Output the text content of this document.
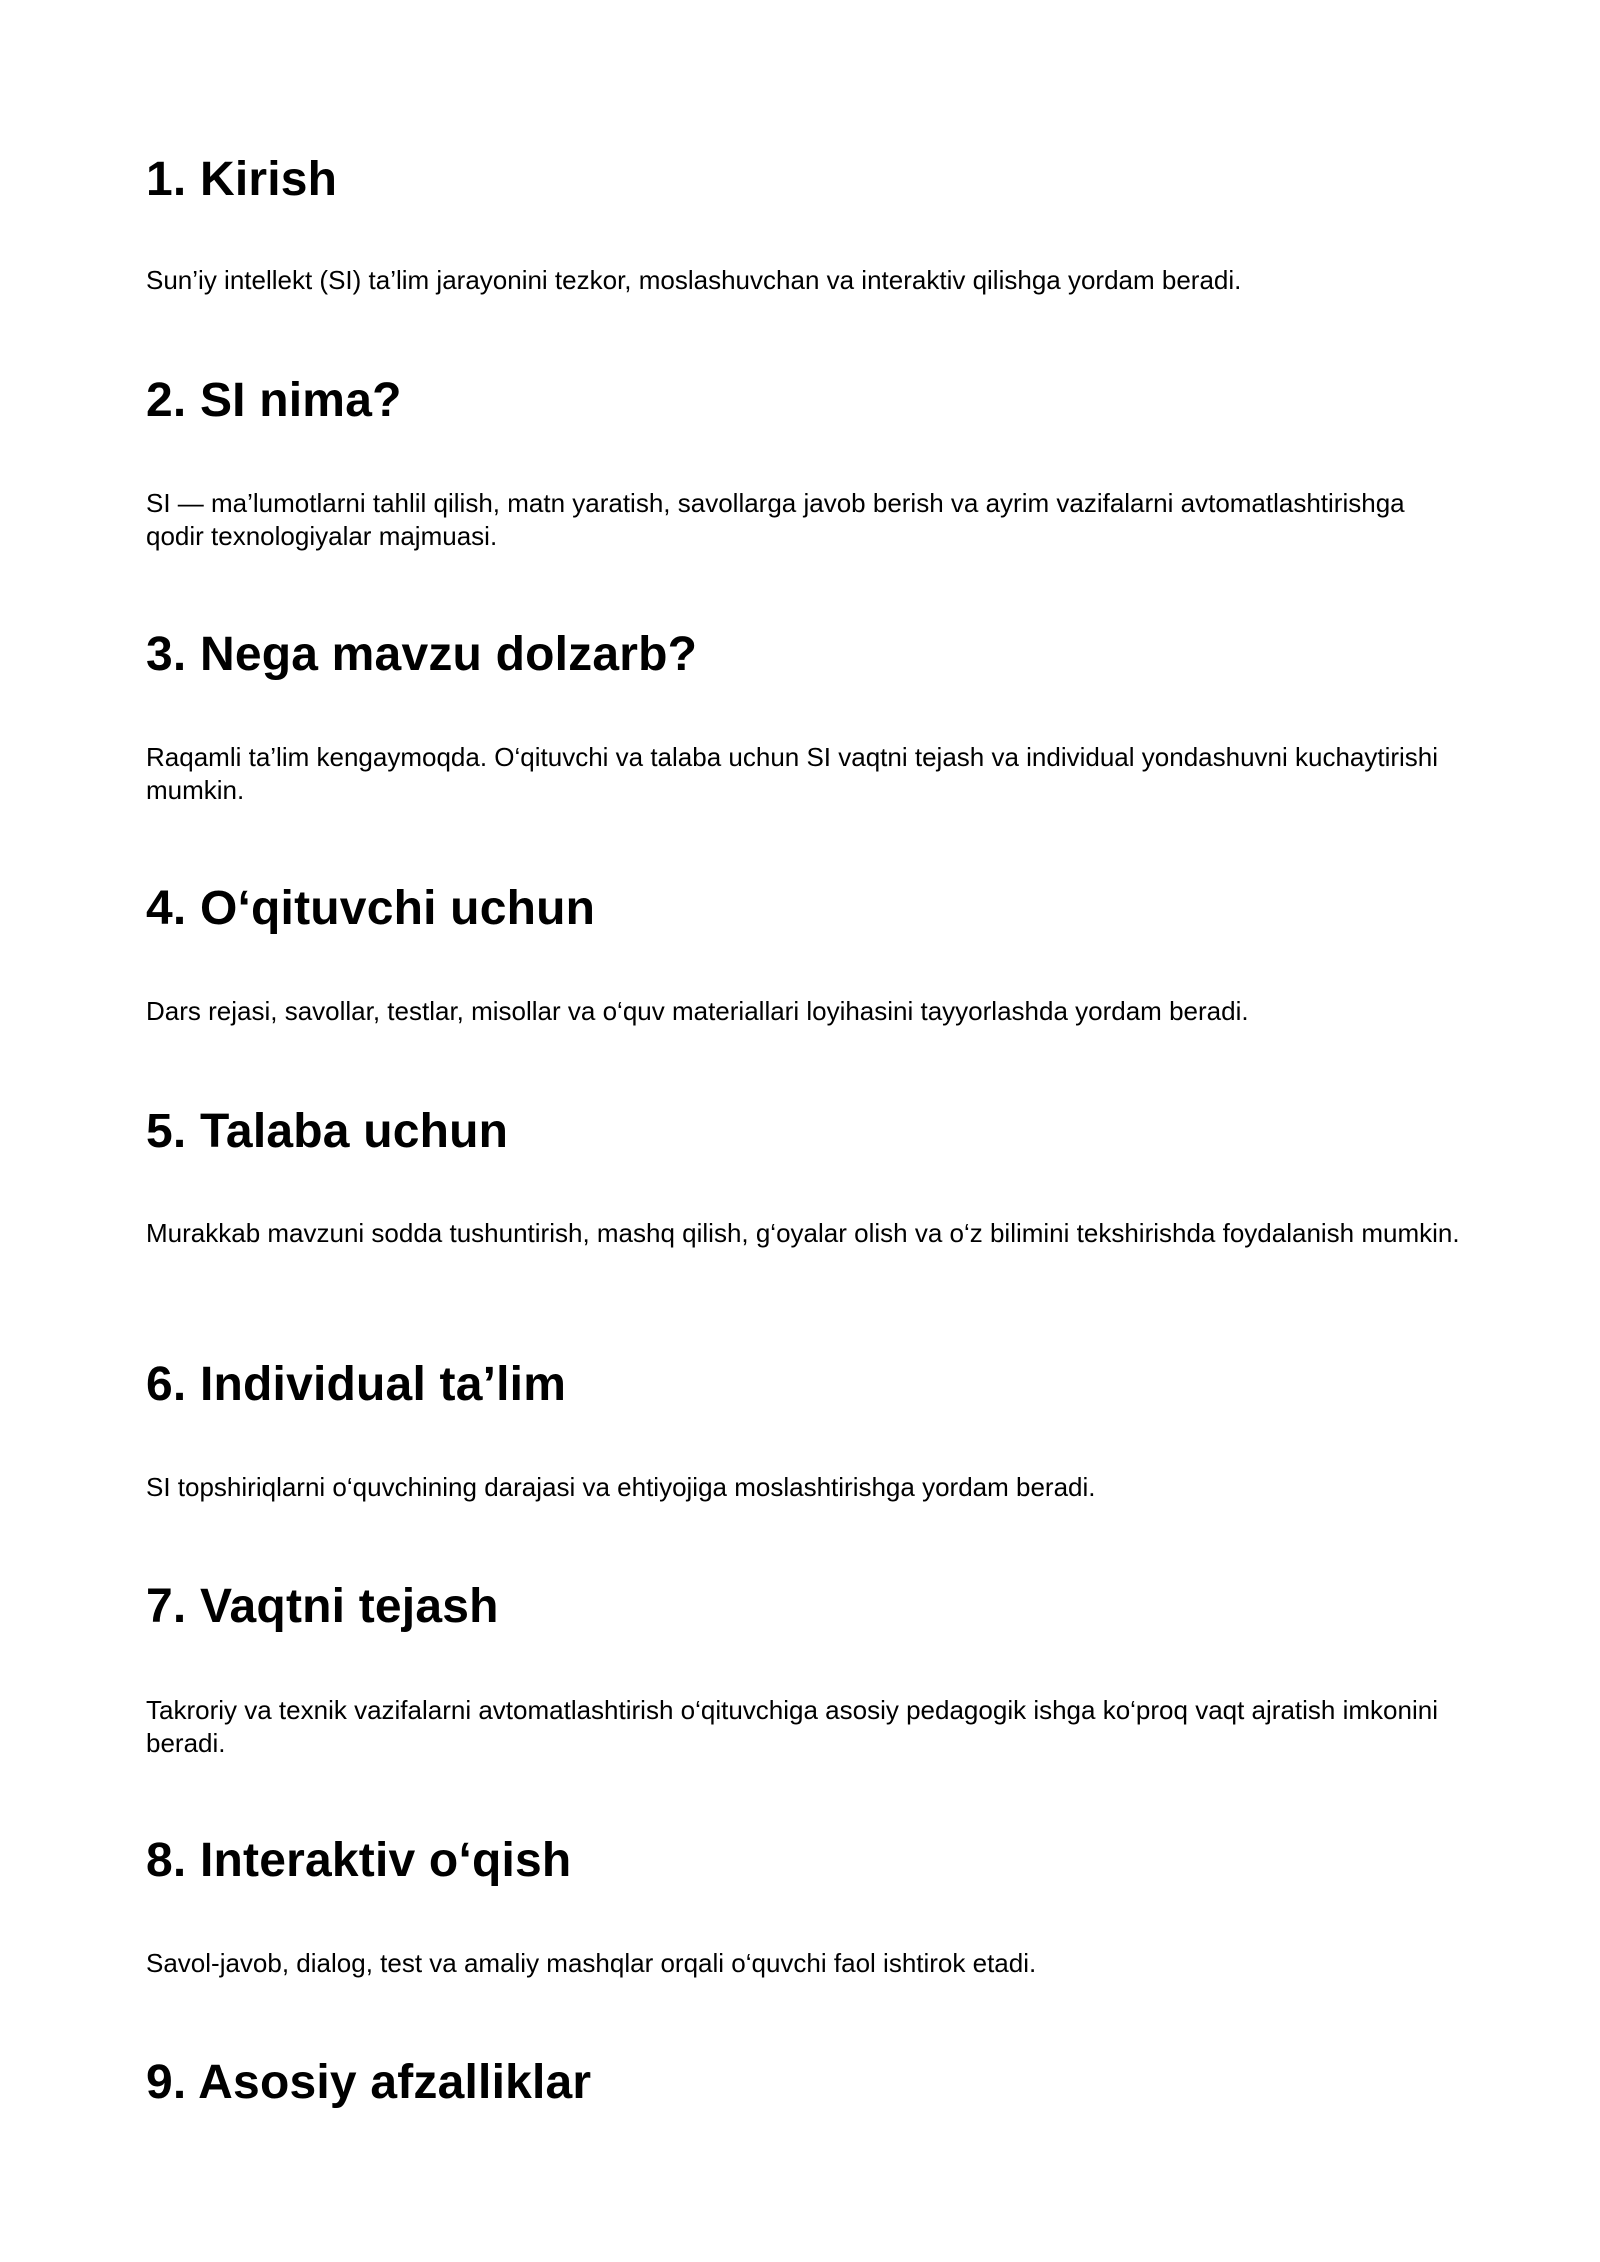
1. Kirish

Sun’iy intellekt (SI) ta’lim jarayonini tezkor, moslashuvchan va interaktiv qilishga yordam beradi.

2. SI nima?

SI — ma’lumotlarni tahlil qilish, matn yaratish, savollarga javob berish va ayrim vazifalarni avtomatlashtirishga qodir texnologiyalar majmuasi.

3. Nega mavzu dolzarb?

Raqamli ta’lim kengaymoqda. O‘qituvchi va talaba uchun SI vaqtni tejash va individual yondashuvni kuchaytirishi mumkin.

4. O‘qituvchi uchun

Dars rejasi, savollar, testlar, misollar va o‘quv materiallari loyihasini tayyorlashda yordam beradi.

5. Talaba uchun

Murakkab mavzuni sodda tushuntirish, mashq qilish, g‘oyalar olish va o‘z bilimini tekshirishda foydalanish mumkin.

6. Individual ta’lim

SI topshiriqlarni o‘quvchining darajasi va ehtiyojiga moslashtirishga yordam beradi.

7. Vaqtni tejash

Takroriy va texnik vazifalarni avtomatlashtirish o‘qituvchiga asosiy pedagogik ishga ko‘proq vaqt ajratish imkonini beradi.

8. Interaktiv o‘qish

Savol-javob, dialog, test va amaliy mashqlar orqali o‘quvchi faol ishtirok etadi.

9. Asosiy afzalliklar
